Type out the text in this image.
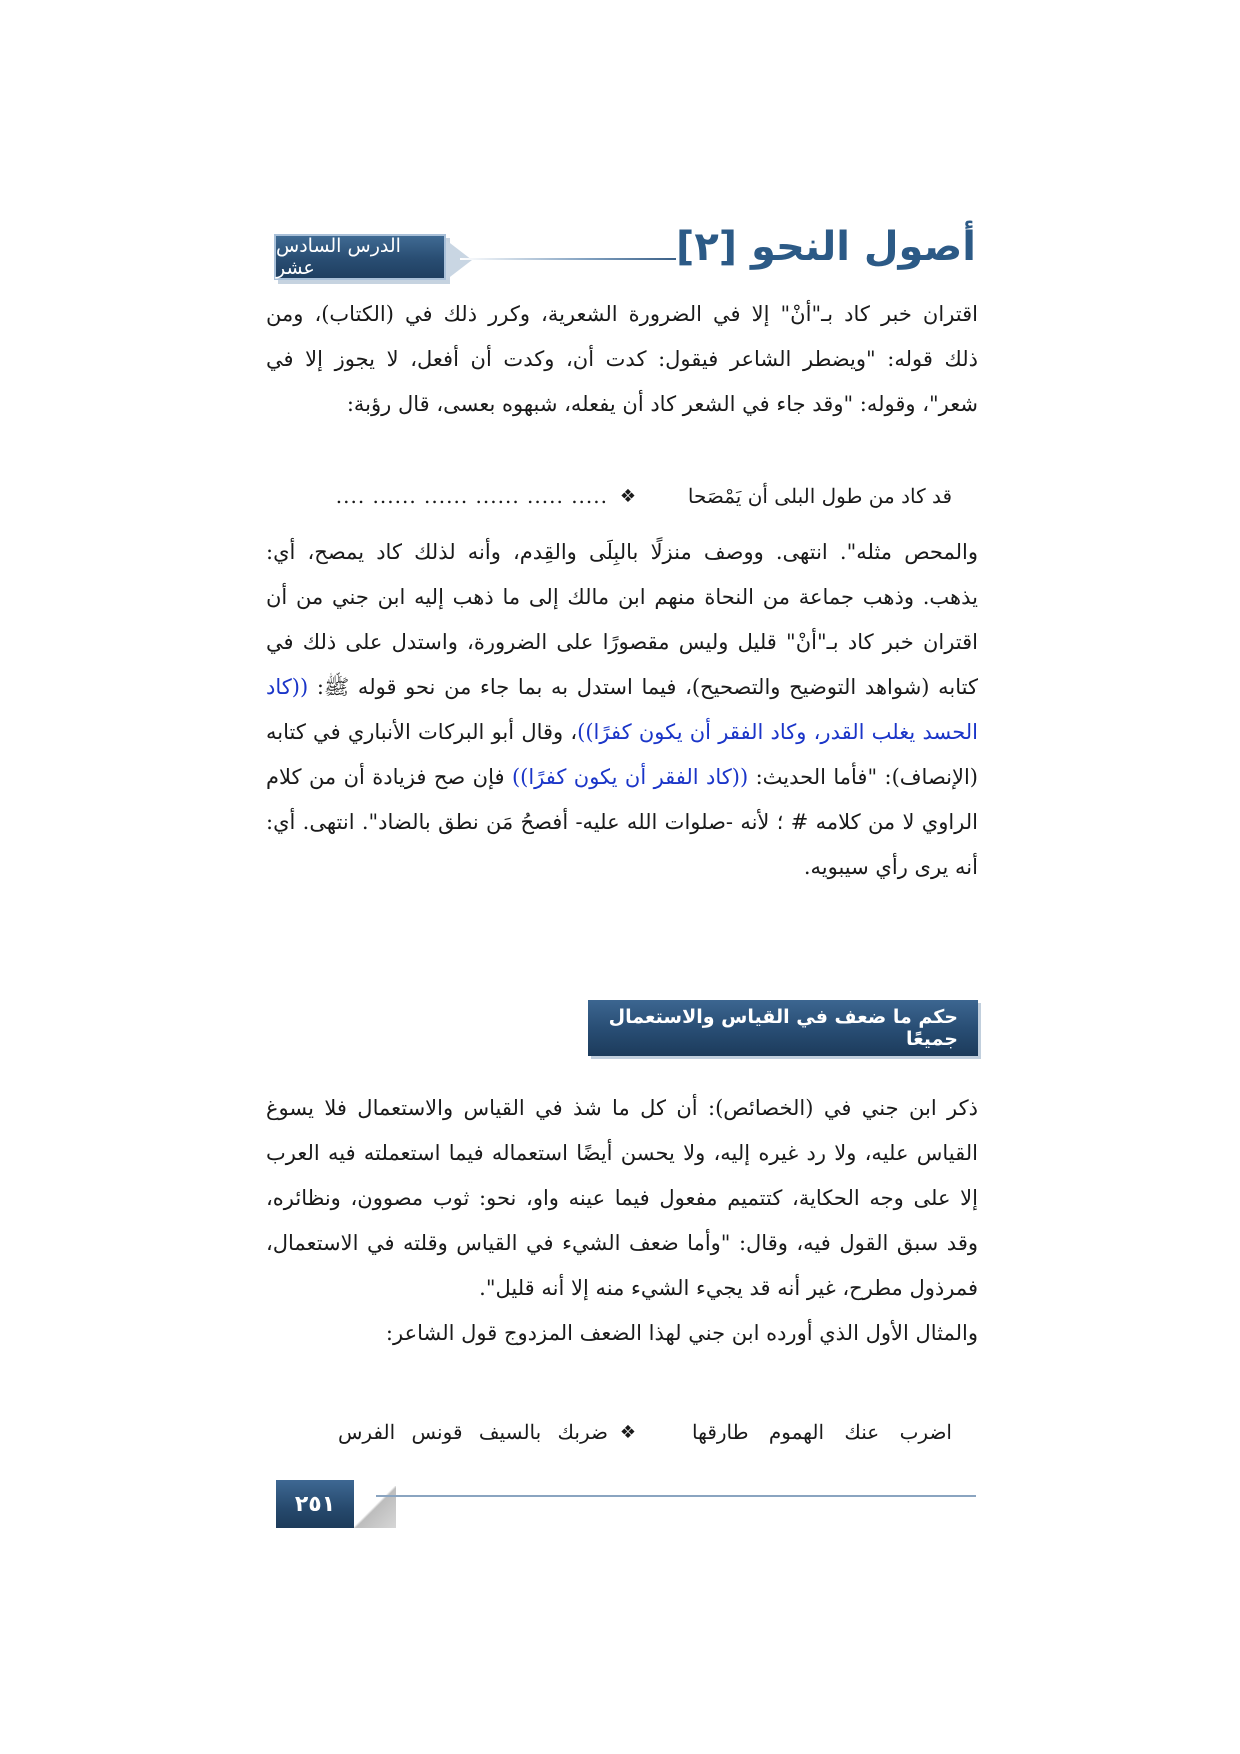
الدرس السادس عشر	أصول النحو [٢]

اقتران خبر كاد بـ"أنْ" إلا في الضرورة الشعرية، وكرر ذلك في (الكتاب)، ومن

ذلك قوله: "ويضطر الشاعر فيقول: كدت أن، وكدت أن أفعل، لا يجوز إلا في

شعر"، وقوله: "وقد جاء في الشعر كاد أن يفعله، شبهوه بعسى، قال رؤبة:

قد كاد من طول البلى أن يَمْصَحا
❖
..... ..... ...... ...... ...... ....

والمحص مثله". انتهى. ووصف منزلًا بالبِلَى والقِدم، وأنه لذلك كاد يمصح، أي: يذهب. وذهب جماعة من النحاة منهم ابن مالك إلى ما ذهب إليه ابن جني من أن اقتران خبر كاد بـ"أنْ" قليل وليس مقصورًا على الضرورة، واستدل على ذلك في كتابه (شواهد التوضيح والتصحيح)، فيما استدل به بما جاء من نحو قوله ﷺ: ((كاد الحسد يغلب القدر، وكاد الفقر أن يكون كفرًا))، وقال أبو البركات الأنباري في كتابه (الإنصاف): "فأما الحديث: ((كاد الفقر أن يكون كفرًا)) فإن صح فزيادة أن من كلام الراوي لا من كلامه # ؛ لأنه -صلوات الله عليه- أفصحُ مَن نطق بالضاد". انتهى. أي: أنه يرى رأي سيبويه.

حكم ما ضعف في القياس والاستعمال جميعًا

ذكر ابن جني في (الخصائص): أن كل ما شذ في القياس والاستعمال فلا يسوغ القياس عليه، ولا رد غيره إليه، ولا يحسن أيضًا استعماله فيما استعملته فيه العرب إلا على وجه الحكاية، كتتميم مفعول فيما عينه واو، نحو: ثوب مصوون، ونظائره، وقد سبق القول فيه، وقال: "وأما ضعف الشيء في القياس وقلته في الاستعمال، فمرذول مطرح، غير أنه قد يجيء الشيء منه إلا أنه قليل".

والمثال الأول الذي أورده ابن جني لهذا الضعف المزدوج قول الشاعر:

اضرب عنك الهموم طارقها
❖
ضربك بالسيف قونس الفرس
٢٥١
